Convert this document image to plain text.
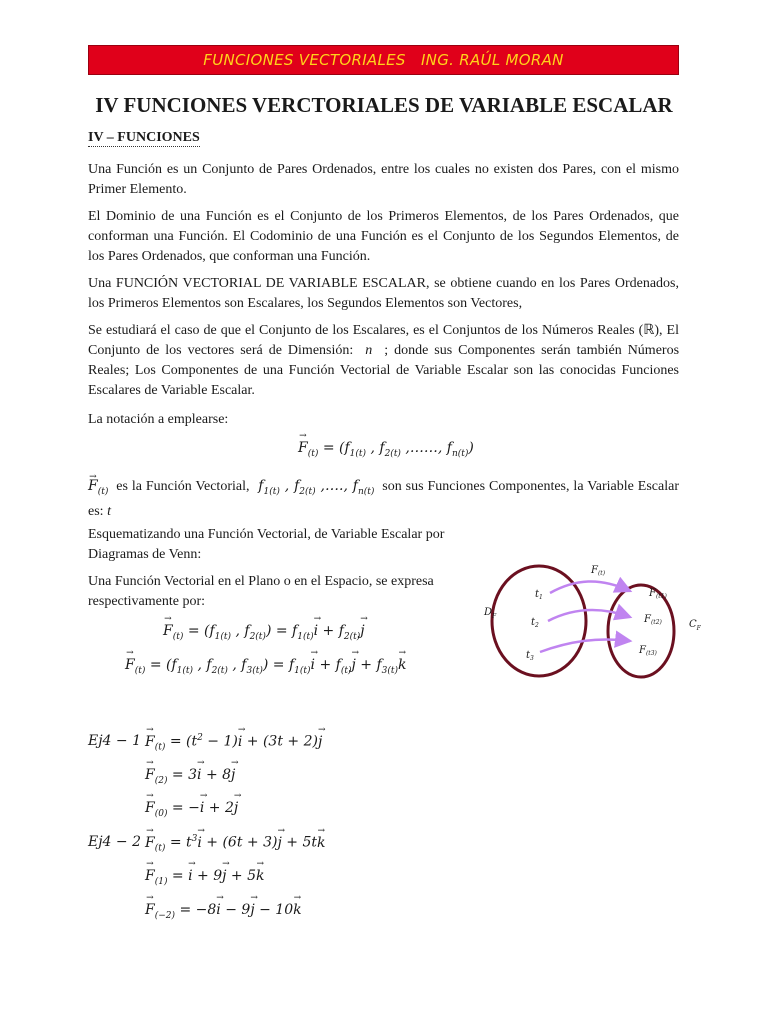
FUNCIONES VECTORIALES   ING. RAÚL MORAN
IV FUNCIONES VERCTORIALES DE VARIABLE ESCALAR
IV – FUNCIONES

Una Función es un Conjunto de Pares Ordenados, entre los cuales no existen dos Pares, con el mismo Primer Elemento.

El Dominio de una Función es el Conjunto de los Primeros Elementos, de los Pares Ordenados, que conforman una Función. El Codominio de una Función es el Conjunto de los Segundos Elementos, de los Pares Ordenados, que conforman una Función.

Una FUNCIÓN VECTORIAL DE VARIABLE ESCALAR, se obtiene cuando en los Pares Ordenados, los Primeros Elementos son Escalares, los Segundos Elementos son Vectores,

Se estudiará el caso de que el Conjunto de los Escalares, es el Conjuntos de los Números Reales (ℝ), El Conjunto de los vectores será de Dimensión: n ; donde sus Componentes serán también Números Reales; Los Componentes de una Función Vectorial de Variable Escalar son las conocidas Funciones Escalares de Variable Escalar.

La notación a emplearse:

→ $F_{(t)} = (f_{1(t)}$ , $f_{2(t)}$ ,……, $f_{n(t)}$)
→ $F_{(t)}$ es la Función Vectorial,  $f_{1(t)}$ , $f_{2(t)}$ ,…., $f_{n(t)}$ son sus Funciones Componentes, la Variable Escalar es: t

Esquematizando una Función Vectorial, de Variable Escalar por Diagramas de Venn:

Una Función Vectorial en el Plano o en el Espacio, se expresa respectivamente por:

→ $F_{(t)} = (f_{1(t)}$ , $f_{2(t)}) = f_{1(t)}\to i + f_{2(t)}\to j$
→ $F_{(t)} = (f_{1(t)}$ , $f_{2(t)}$ , $f_{3(t)}) = f_{1(t)}\to i + f_{(t)}\to j + f_{3(t)}\to k$
Ej4 − 1
→ $F_{(t)} = (t^2 - 1)\to i + (3t + 2)\to j$
→ $F_{(2)} = 3\to i + 8\to j$
→ $F_{(0)}$ = −→ i + 2→ j
Ej4 − 2
→ $F_{(t)} = t^3\to i + (6t + 3)\to j + 5t\to k$
→ $F_{(1)}$ = → i + 9→ j + 5→ k
→ $F_{(-2)} = -8\to i - 9\to j - 10\to k$
$D_F$
$C_F$
$F_{(t)}$
$t_1$
$t_2$
$t_3$
$F_{(t1)}$
$F_{(t2)}$
$F_{(t3)}$
